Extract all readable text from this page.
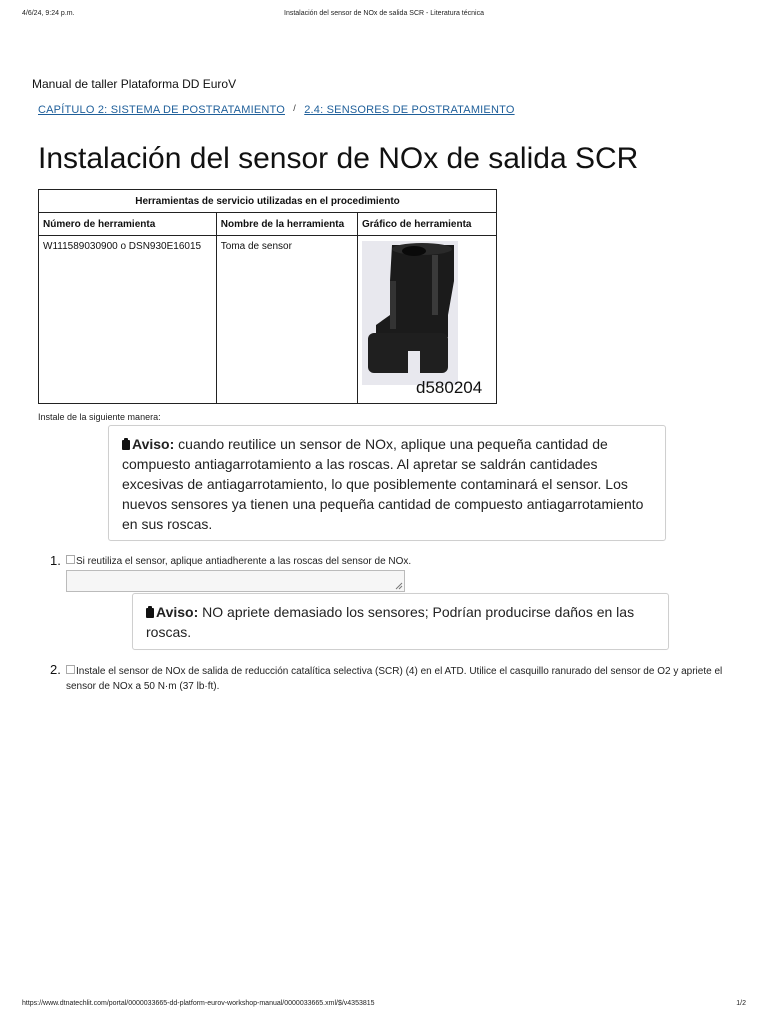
4/6/24, 9:24 p.m.	Instalación del sensor de NOx de salida SCR - Literatura técnica
Manual de taller Plataforma DD EuroV
CAPÍTULO 2: SISTEMA DE POSTRATAMIENTO / 2.4: SENSORES DE POSTRATAMIENTO
Instalación del sensor de NOx de salida SCR
Herramientas de servicio utilizadas en el procedimiento		
Número de herramienta	Nombre de la herramienta	Gráfico de herramienta
W111589030900 o DSN930E16015	Toma de sensor	d580204
Instale de la siguiente manera:
Aviso: cuando reutilice un sensor de NOx, aplique una pequeña cantidad de compuesto antiagarrotamiento a las roscas. Al apretar se saldrán cantidades excesivas de antiagarrotamiento, lo que posiblemente contaminará el sensor. Los nuevos sensores ya tienen una pequeña cantidad de compuesto antiagarrotamiento en sus roscas.
1. Si reutiliza el sensor, aplique antiadherente a las roscas del sensor de NOx.
Aviso: NO apriete demasiado los sensores; Podrían producirse daños en las roscas.
2. Instale el sensor de NOx de salida de reducción catalítica selectiva (SCR) (4) en el ATD. Utilice el casquillo ranurado del sensor de O2 y apriete el sensor de NOx a 50 N·m (37 lb·ft).
https://www.dtnatechlit.com/portal/0000033665-dd-platform-eurov-workshop-manual/0000033665.xml/$/v4353815	1/2
